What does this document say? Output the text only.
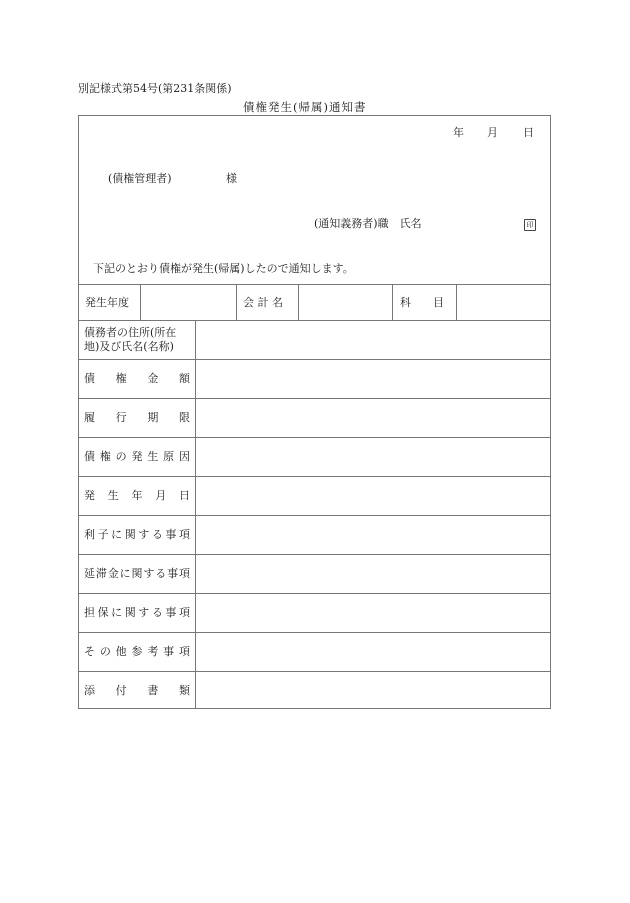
別記様式第54号(第231条関係)
債権発生(帰属)通知書
年 月 日
(債権管理者)	様
(通知義務者)職　氏名	印
下記のとおり債権が発生(帰属)したので通知します。
発生年度	会 計 名	科　　目
債務者の住所(所在
地)及び氏名(名称)
債 権 金 額
履 行 期 限
債 権 の 発 生 原 因
発 生 年 月 日
利 子 に 関 す る 事 項
延 滞 金 に 関 す る 事 項
担 保 に 関 す る 事 項
そ の 他 参 考 事 項
添 付 書 類
